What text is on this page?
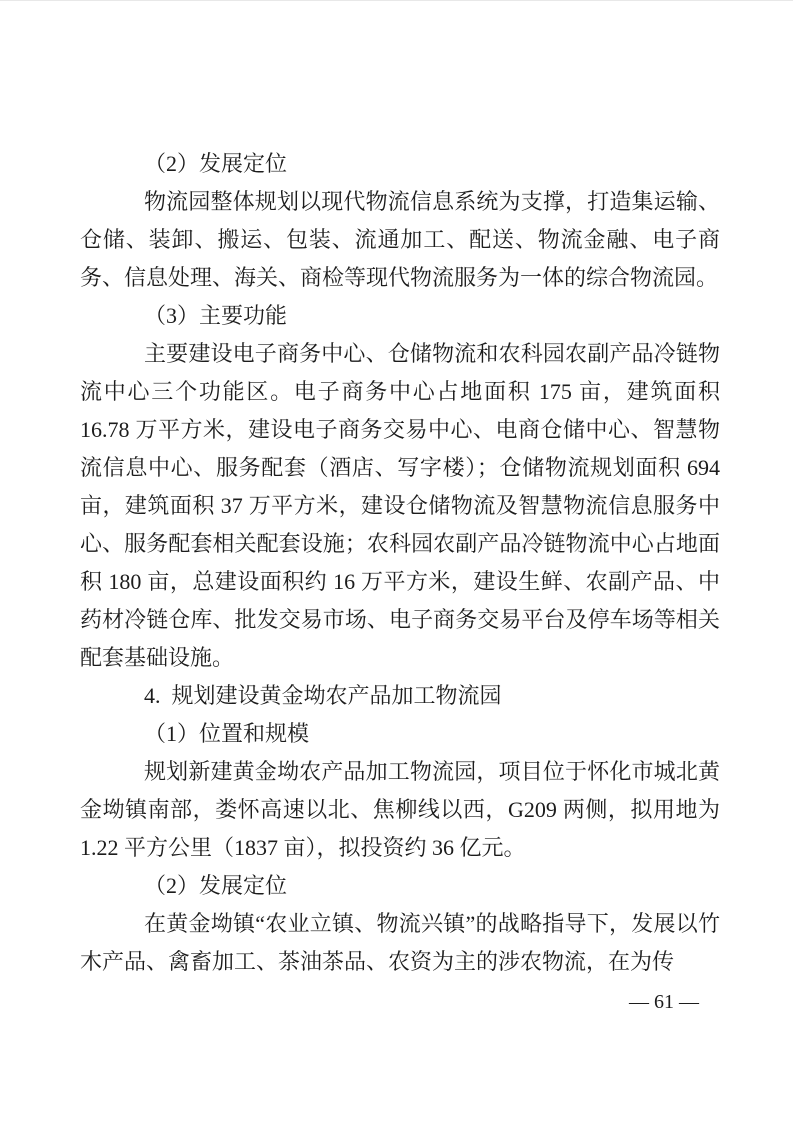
（2）发展定位

物流园整体规划以现代物流信息系统为支撑，打造集运输、仓储、装卸、搬运、包装、流通加工、配送、物流金融、电子商务、信息处理、海关、商检等现代物流服务为一体的综合物流园。

（3）主要功能

主要建设电子商务中心、仓储物流和农科园农副产品冷链物流中心三个功能区。电子商务中心占地面积 175 亩，建筑面积 16.78 万平方米，建设电子商务交易中心、电商仓储中心、智慧物流信息中心、服务配套（酒店、写字楼）；仓储物流规划面积 694 亩，建筑面积 37 万平方米，建设仓储物流及智慧物流信息服务中心、服务配套相关配套设施；农科园农副产品冷链物流中心占地面积 180 亩，总建设面积约 16 万平方米，建设生鲜、农副产品、中药材冷链仓库、批发交易市场、电子商务交易平台及停车场等相关配套基础设施。

4.  规划建设黄金坳农产品加工物流园

（1）位置和规模

规划新建黄金坳农产品加工物流园，项目位于怀化市城北黄金坳镇南部，娄怀高速以北、焦柳线以西，G209 两侧，拟用地为 1.22 平方公里（1837 亩），拟投资约 36 亿元。

（2）发展定位

在黄金坳镇“农业立镇、物流兴镇”的战略指导下，发展以竹木产品、禽畜加工、茶油茶品、农资为主的涉农物流，在为传

— 61 —
